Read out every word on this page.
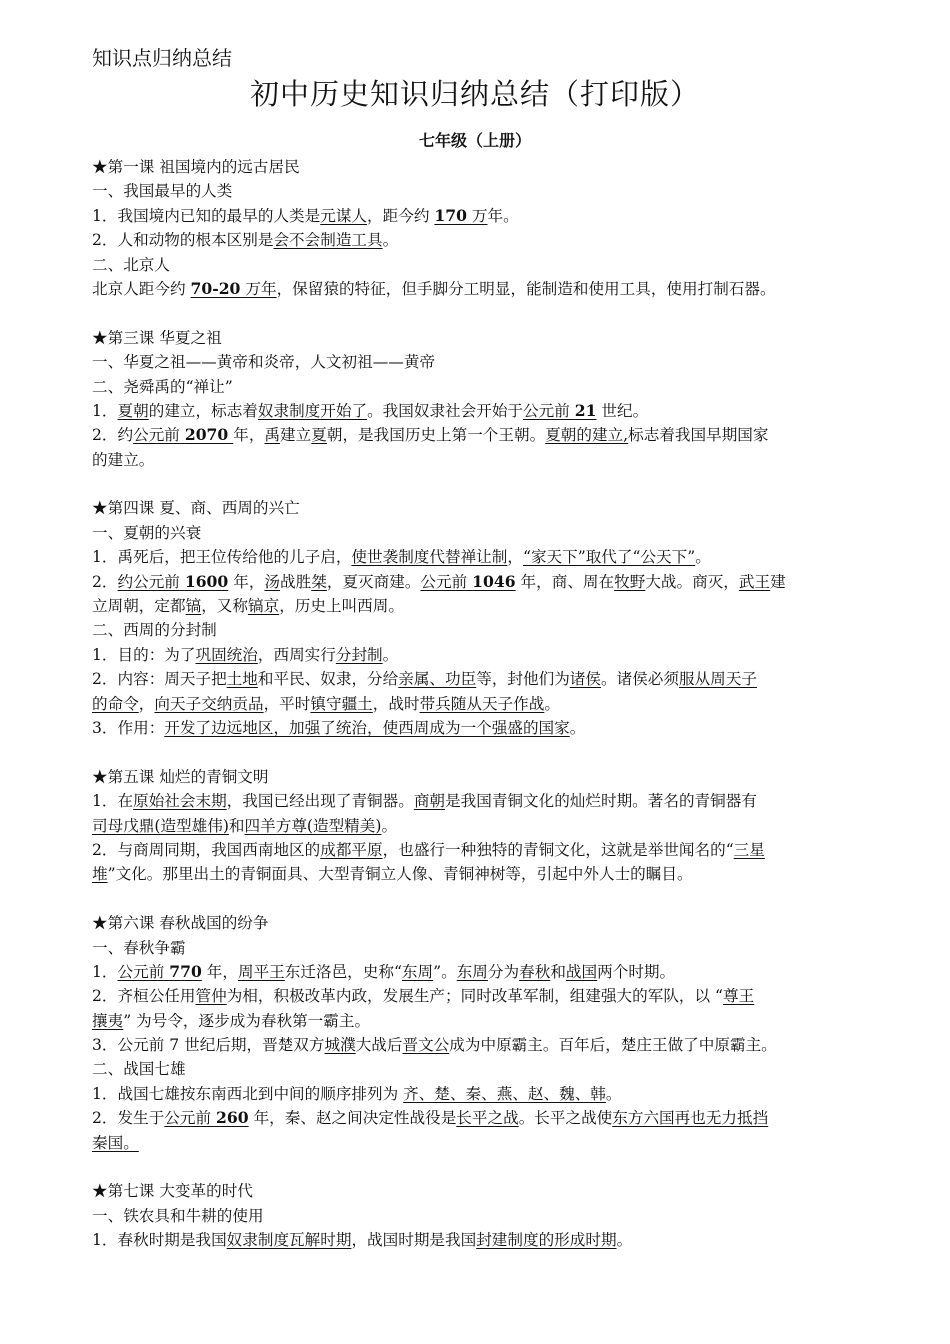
知识点归纳总结
初中历史知识归纳总结（打印版）
七年级（上册）
★第一课 祖国境内的远古居民
一、我国最早的人类
1．我国境内已知的最早的人类是元谋人，距今约 170 万年。
2．人和动物的根本区别是会不会制造工具。
二、北京人
北京人距今约 70-20 万年，保留猿的特征，但手脚分工明显，能制造和使用工具，使用打制石器。
★第三课 华夏之祖
一、华夏之祖——黄帝和炎帝，人文初祖——黄帝
二、尧舜禹的“禅让”
1．夏朝的建立，标志着奴隶制度开始了。我国奴隶社会开始于公元前 21 世纪。
2．约公元前 2070 年，禹建立夏朝，是我国历史上第一个王朝。夏朝的建立,标志着我国早期国家
的建立。
★第四课 夏、商、西周的兴亡
一、夏朝的兴衰
1．禹死后，把王位传给他的儿子启，使世袭制度代替禅让制，“家天下”取代了“公天下”。
2．约公元前 1600 年，汤战胜桀，夏灭商建。公元前 1046 年，商、周在牧野大战。商灭，武王建
立周朝，定都镐，又称镐京，历史上叫西周。
二、西周的分封制
1．目的：为了巩固统治，西周实行分封制。
2．内容：周天子把土地和平民、奴隶，分给亲属、功臣等，封他们为诸侯。诸侯必须服从周天子
的命令，向天子交纳贡品，平时镇守疆土，战时带兵随从天子作战。
3．作用：开发了边远地区，加强了统治，使西周成为一个强盛的国家。
★第五课 灿烂的青铜文明
1．在原始社会末期，我国已经出现了青铜器。商朝是我国青铜文化的灿烂时期。著名的青铜器有
司母戊鼎(造型雄伟)和四羊方尊(造型精美)。
2．与商周同期，我国西南地区的成都平原，也盛行一种独特的青铜文化，这就是举世闻名的“三星
堆”文化。那里出土的青铜面具、大型青铜立人像、青铜神树等，引起中外人士的瞩目。
★第六课 春秋战国的纷争
一、春秋争霸
1．公元前 770 年，周平王东迁洛邑，史称“东周”。东周分为春秋和战国两个时期。
2．齐桓公任用管仲为相，积极改革内政，发展生产；同时改革军制，组建强大的军队，以 “尊王
攘夷” 为号令，逐步成为春秋第一霸主。
3．公元前 7 世纪后期，晋楚双方城濮大战后晋文公成为中原霸主。百年后，楚庄王做了中原霸主。
二、战国七雄
1．战国七雄按东南西北到中间的顺序排列为 齐、楚、秦、燕、赵、魏、韩。
2．发生于公元前 260 年，秦、赵之间决定性战役是长平之战。长平之战使东方六国再也无力抵挡
秦国。
★第七课 大变革的时代
一、铁农具和牛耕的使用
1．春秋时期是我国奴隶制度瓦解时期，战国时期是我国封建制度的形成时期。
